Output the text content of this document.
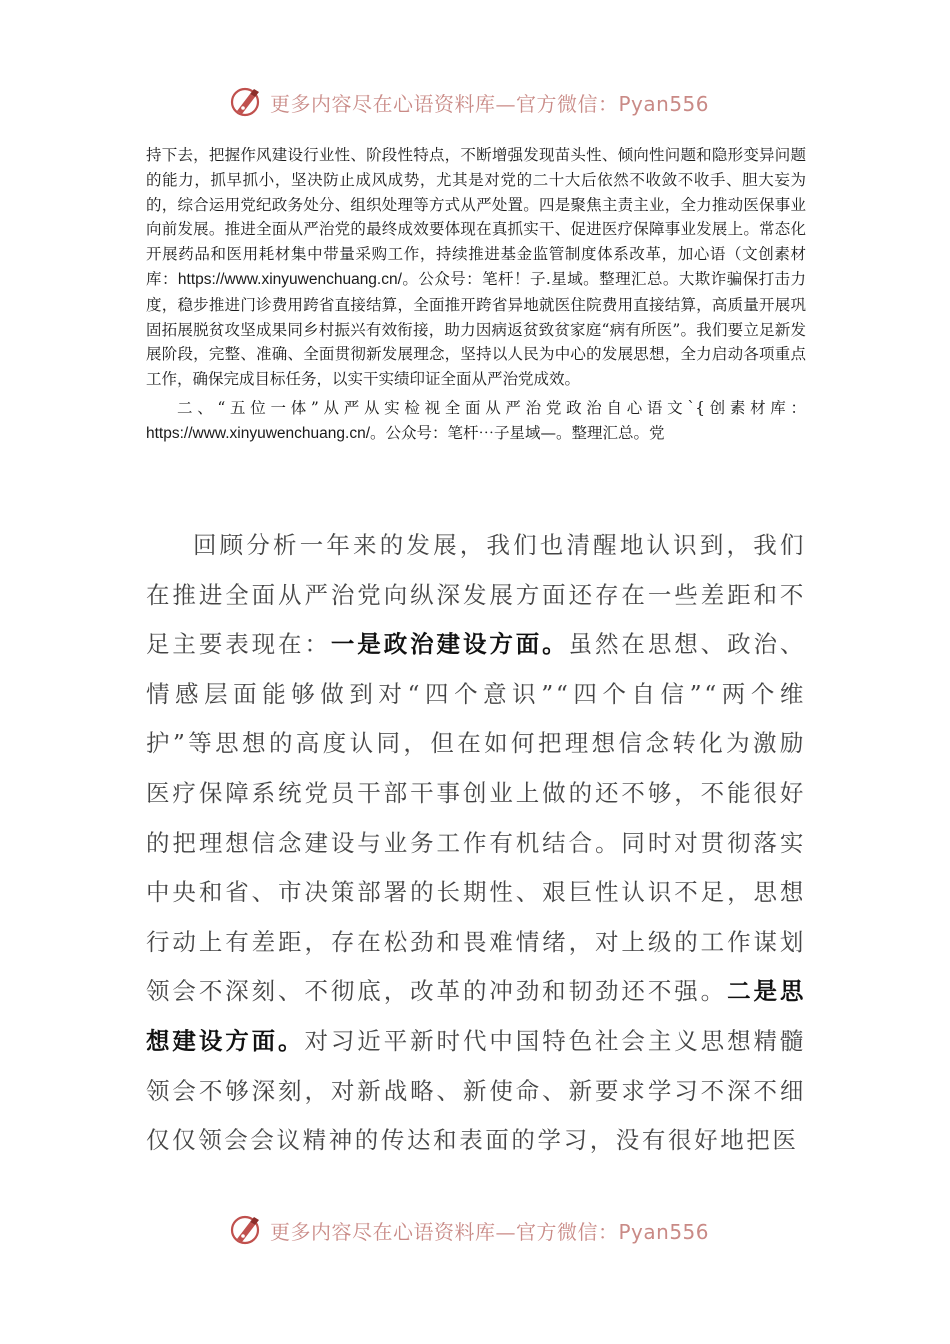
更多内容尽在心语资料库—官方微信：Pyan556

持下去，把握作风建设行业性、阶段性特点，不断增强发现苗头性、倾向性问题和隐形变异问题的能力，抓早抓小，坚决防止成风成势，尤其是对党的二十大后依然不收敛不收手、胆大妄为的，综合运用党纪政务处分、组织处理等方式从严处置。四是聚焦主责主业，全力推动医保事业向前发展。推进全面从严治党的最终成效要体现在真抓实干、促进医疗保障事业发展上。常态化开展药品和医用耗材集中带量采购工作，持续推进基金监管制度体系改革，加心语（文创素材库：https://www.xinyuwenchuang.cn/。公众号：笔杆！子.星域。整理汇总。大欺诈骗保打击力度，稳步推进门诊费用跨省直接结算，全面推开跨省异地就医住院费用直接结算，高质量开展巩固拓展脱贫攻坚成果同乡村振兴有效衔接，助力因病返贫致贫家庭“病有所医”。我们要立足新发展阶段，完整、准确、全面贯彻新发展理念，坚持以人民为中心的发展思想，全力启动各项重点工作，确保完成目标任务，以实干实绩印证全面从严治党成效。

二、“五位一体”从严从实检视全面从严治党政治自心语文`{创素材库：https://www.xinyuwenchuang.cn/。公众号：笔杆⋯子星域—。整理汇总。党

回顾分析一年来的发展，我们也清醒地认识到，我们在推进全面从严治党向纵深发展方面还存在一些差距和不足主要表现在：一是政治建设方面。虽然在思想、政治、情感层面能够做到对“四个意识”“四个自信”“两个维护”等思想的高度认同，但在如何把理想信念转化为激励医疗保障系统党员干部干事创业上做的还不够，不能很好的把理想信念建设与业务工作有机结合。同时对贯彻落实中央和省、市决策部署的长期性、艰巨性认识不足，思想行动上有差距，存在松劲和畏难情绪，对上级的工作谋划领会不深刻、不彻底，改革的冲劲和韧劲还不强。二是思想建设方面。对习近平新时代中国特色社会主义思想精髓领会不够深刻，对新战略、新使命、新要求学习不深不细仅仅领会会议精神的传达和表面的学习，没有很好地把医

更多内容尽在心语资料库—官方微信：Pyan556
